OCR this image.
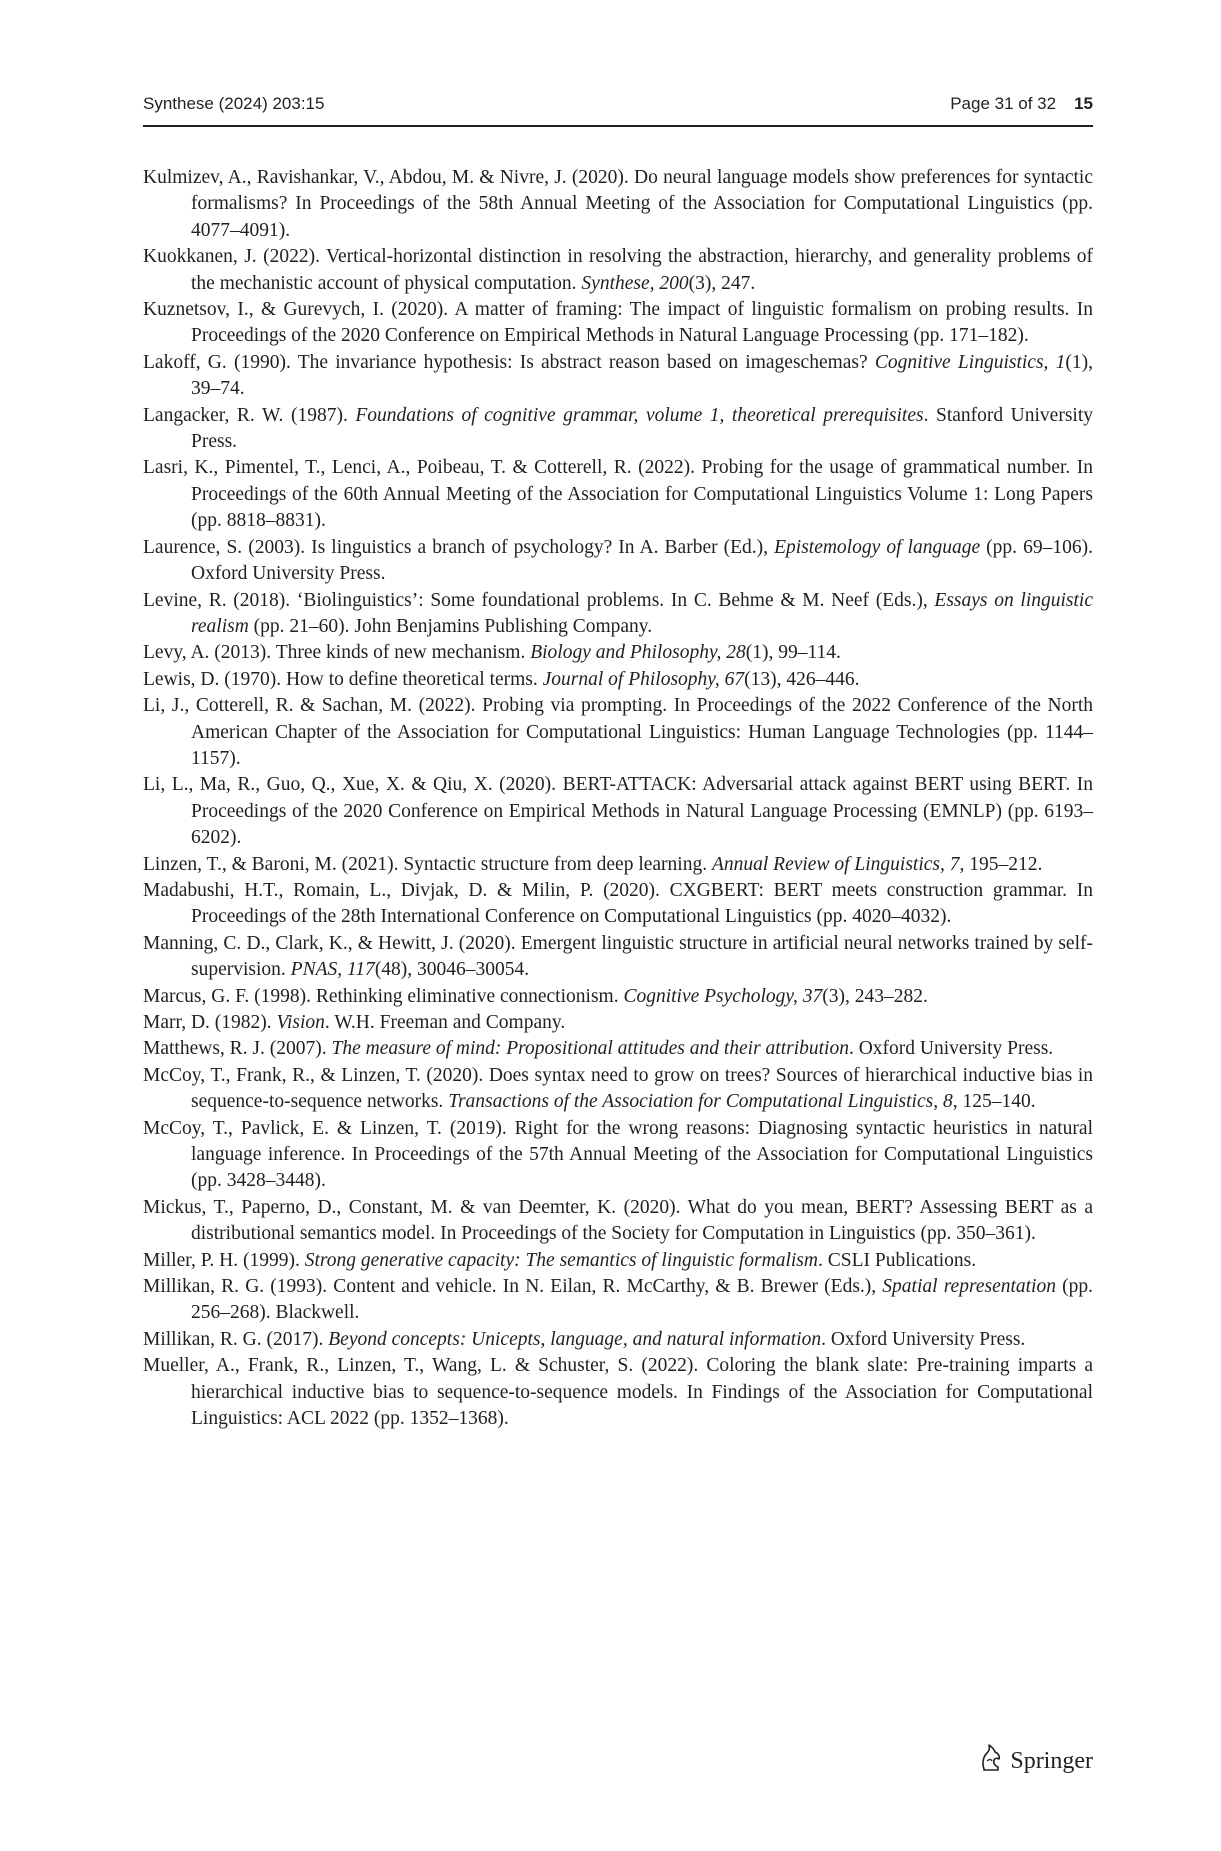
Synthese (2024) 203:15	Page 31 of 32 15
Kulmizev, A., Ravishankar, V., Abdou, M. & Nivre, J. (2020). Do neural language models show preferences for syntactic formalisms? In Proceedings of the 58th Annual Meeting of the Association for Computational Linguistics (pp. 4077–4091).
Kuokkanen, J. (2022). Vertical-horizontal distinction in resolving the abstraction, hierarchy, and generality problems of the mechanistic account of physical computation. Synthese, 200(3), 247.
Kuznetsov, I., & Gurevych, I. (2020). A matter of framing: The impact of linguistic formalism on probing results. In Proceedings of the 2020 Conference on Empirical Methods in Natural Language Processing (pp. 171–182).
Lakoff, G. (1990). The invariance hypothesis: Is abstract reason based on imageschemas? Cognitive Linguistics, 1(1), 39–74.
Langacker, R. W. (1987). Foundations of cognitive grammar, volume 1, theoretical prerequisites. Stanford University Press.
Lasri, K., Pimentel, T., Lenci, A., Poibeau, T. & Cotterell, R. (2022). Probing for the usage of grammatical number. In Proceedings of the 60th Annual Meeting of the Association for Computational Linguistics Volume 1: Long Papers (pp. 8818–8831).
Laurence, S. (2003). Is linguistics a branch of psychology? In A. Barber (Ed.), Epistemology of language (pp. 69–106). Oxford University Press.
Levine, R. (2018). ‘Biolinguistics’: Some foundational problems. In C. Behme & M. Neef (Eds.), Essays on linguistic realism (pp. 21–60). John Benjamins Publishing Company.
Levy, A. (2013). Three kinds of new mechanism. Biology and Philosophy, 28(1), 99–114.
Lewis, D. (1970). How to define theoretical terms. Journal of Philosophy, 67(13), 426–446.
Li, J., Cotterell, R. & Sachan, M. (2022). Probing via prompting. In Proceedings of the 2022 Conference of the North American Chapter of the Association for Computational Linguistics: Human Language Technologies (pp. 1144–1157).
Li, L., Ma, R., Guo, Q., Xue, X. & Qiu, X. (2020). BERT-ATTACK: Adversarial attack against BERT using BERT. In Proceedings of the 2020 Conference on Empirical Methods in Natural Language Processing (EMNLP) (pp. 6193–6202).
Linzen, T., & Baroni, M. (2021). Syntactic structure from deep learning. Annual Review of Linguistics, 7, 195–212.
Madabushi, H.T., Romain, L., Divjak, D. & Milin, P. (2020). CXGBERT: BERT meets construction grammar. In Proceedings of the 28th International Conference on Computational Linguistics (pp. 4020–4032).
Manning, C. D., Clark, K., & Hewitt, J. (2020). Emergent linguistic structure in artificial neural networks trained by self-supervision. PNAS, 117(48), 30046–30054.
Marcus, G. F. (1998). Rethinking eliminative connectionism. Cognitive Psychology, 37(3), 243–282.
Marr, D. (1982). Vision. W.H. Freeman and Company.
Matthews, R. J. (2007). The measure of mind: Propositional attitudes and their attribution. Oxford University Press.
McCoy, T., Frank, R., & Linzen, T. (2020). Does syntax need to grow on trees? Sources of hierarchical inductive bias in sequence-to-sequence networks. Transactions of the Association for Computational Linguistics, 8, 125–140.
McCoy, T., Pavlick, E. & Linzen, T. (2019). Right for the wrong reasons: Diagnosing syntactic heuristics in natural language inference. In Proceedings of the 57th Annual Meeting of the Association for Computational Linguistics (pp. 3428–3448).
Mickus, T., Paperno, D., Constant, M. & van Deemter, K. (2020). What do you mean, BERT? Assessing BERT as a distributional semantics model. In Proceedings of the Society for Computation in Linguistics (pp. 350–361).
Miller, P. H. (1999). Strong generative capacity: The semantics of linguistic formalism. CSLI Publications.
Millikan, R. G. (1993). Content and vehicle. In N. Eilan, R. McCarthy, & B. Brewer (Eds.), Spatial representation (pp. 256–268). Blackwell.
Millikan, R. G. (2017). Beyond concepts: Unicepts, language, and natural information. Oxford University Press.
Mueller, A., Frank, R., Linzen, T., Wang, L. & Schuster, S. (2022). Coloring the blank slate: Pre-training imparts a hierarchical inductive bias to sequence-to-sequence models. In Findings of the Association for Computational Linguistics: ACL 2022 (pp. 1352–1368).
Springer
